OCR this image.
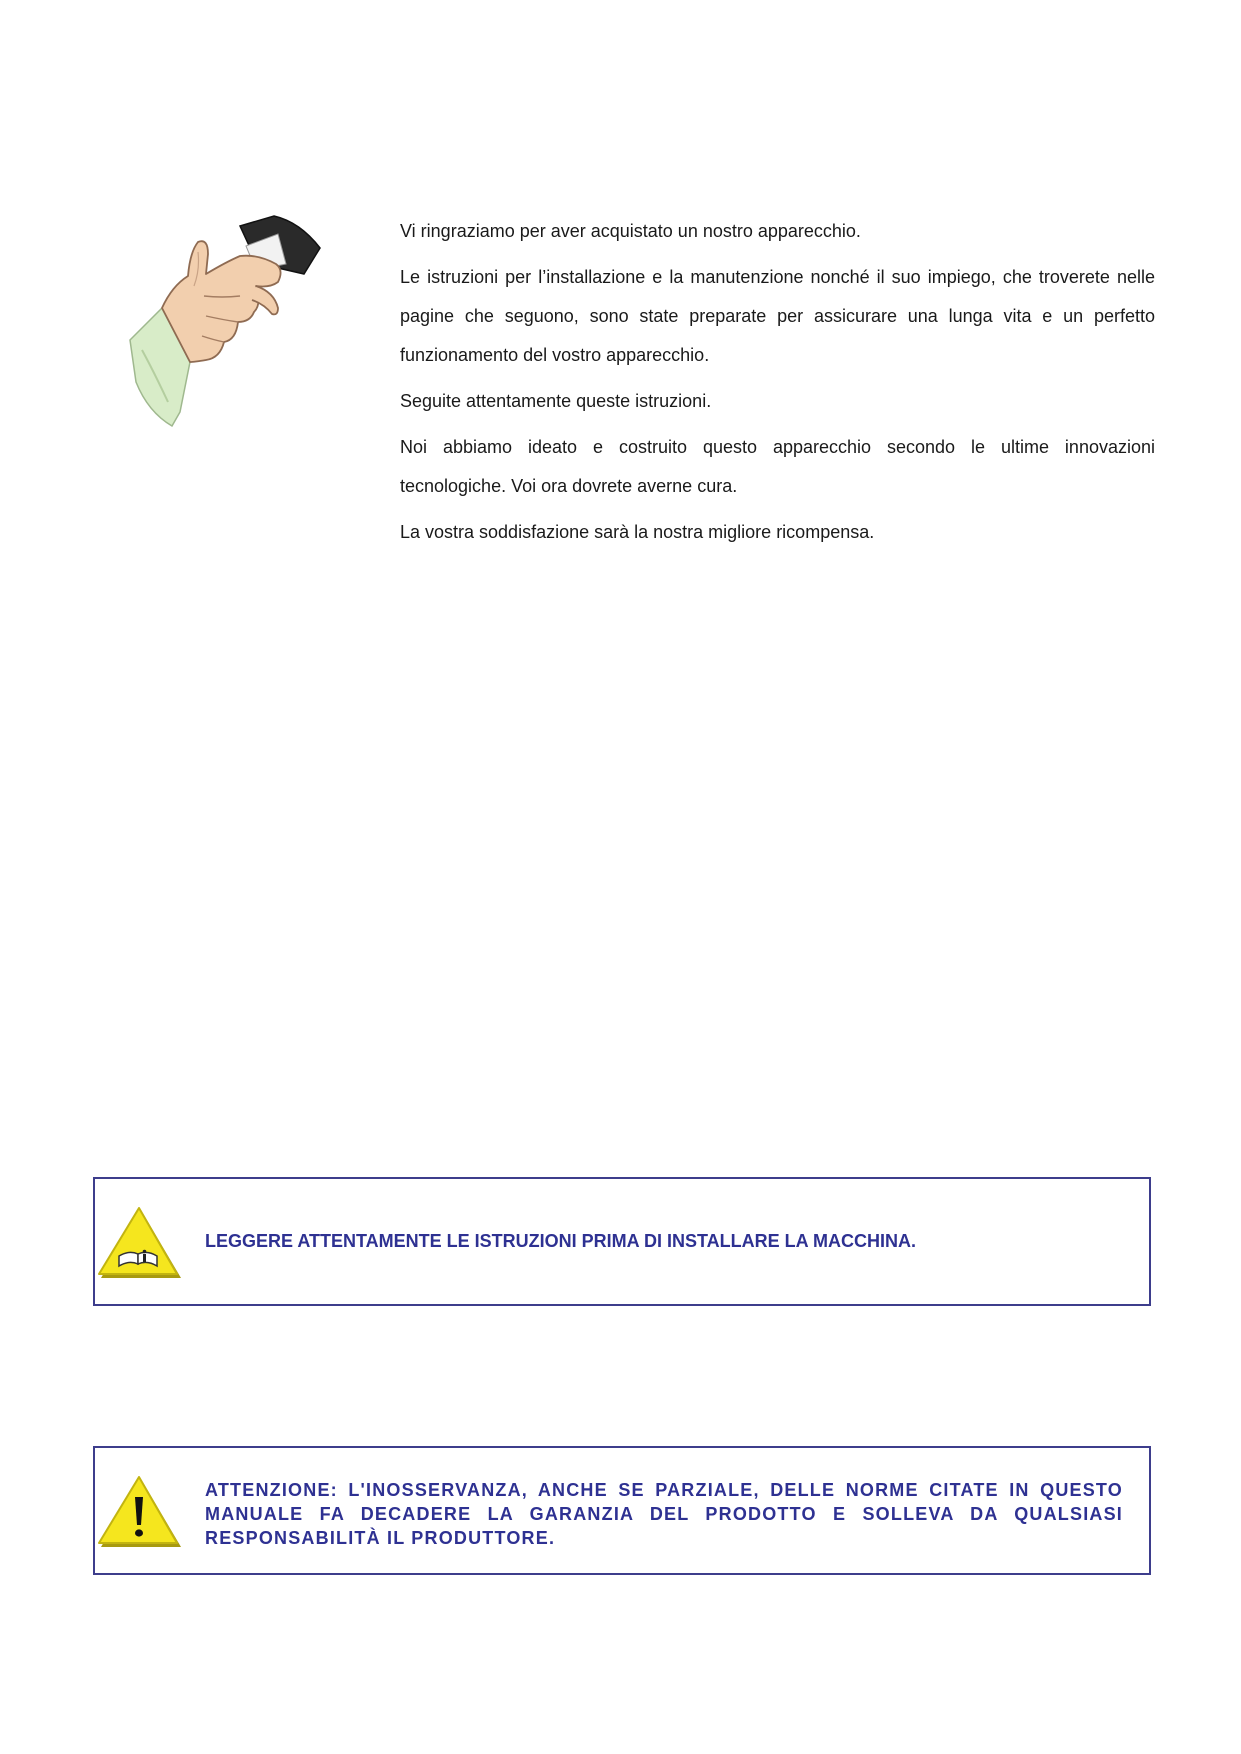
Vi ringraziamo per aver acquistato un nostro apparecchio.

Le istruzioni per l’installazione e la manutenzione nonché il suo impiego, che troverete nelle pagine che seguono, sono state preparate per assicurare una lunga vita e un perfetto funzionamento del vostro apparecchio.

Seguite attentamente queste istruzioni.

Noi abbiamo ideato e costruito questo apparecchio secondo le ultime innovazioni tecnologiche. Voi ora dovrete averne cura.

La vostra soddisfazione sarà la nostra migliore ricompensa.

LEGGERE ATTENTAMENTE LE ISTRUZIONI PRIMA DI INSTALLARE LA MACCHINA.
ATTENZIONE: L'INOSSERVANZA, ANCHE SE PARZIALE, DELLE NORME CITATE IN QUESTO MANUALE FA DECADERE LA GARANZIA DEL PRODOTTO E SOLLEVA DA QUALSIASI RESPONSABILITÀ IL PRODUTTORE.
